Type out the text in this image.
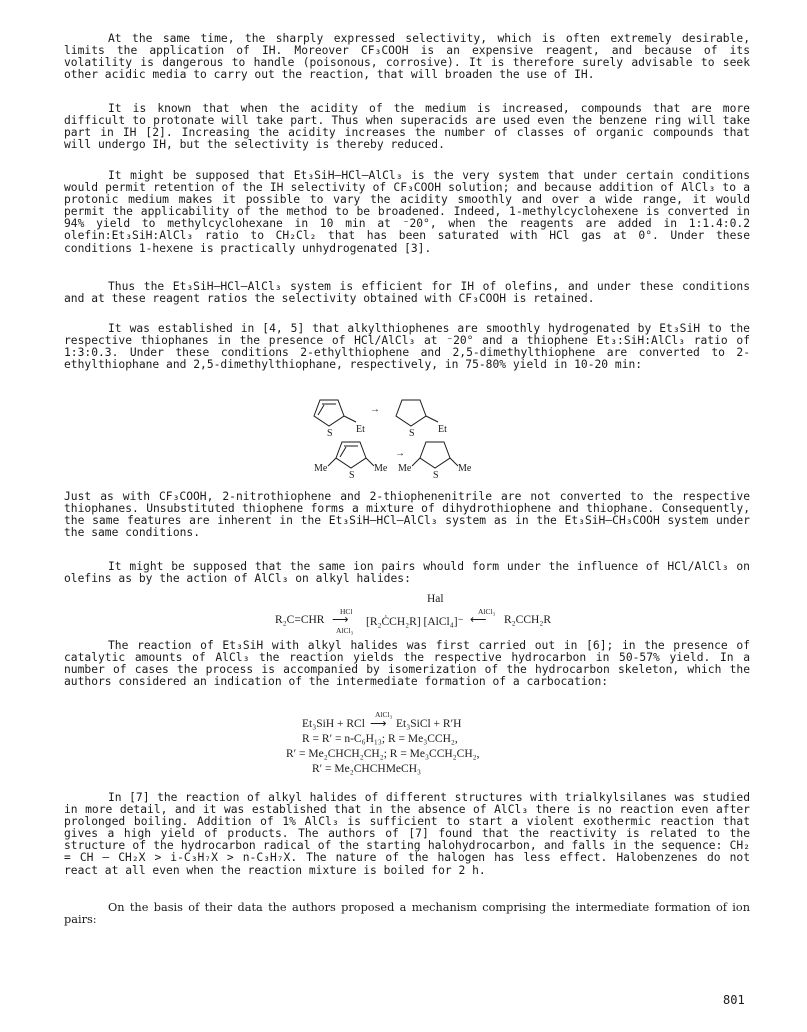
At the same time, the sharply expressed selectivity, which is often extremely desirable, limits the application of IH. Moreover CF₃COOH is an expensive reagent, and because of its volatility is dangerous to handle (poisonous, corrosive). It is therefore surely advisable to seek other acidic media to carry out the reaction, that will broaden the use of IH.

It is known that when the acidity of the medium is increased, compounds that are more difficult to protonate will take part. Thus when superacids are used even the benzene ring will take part in IH [2]. Increasing the acidity increases the number of classes of organic compounds that will undergo IH, but the selectivity is thereby reduced.

It might be supposed that Et₃SiH–HCl–AlCl₃ is the very system that under certain conditions would permit retention of the IH selectivity of CF₃COOH solution; and because addition of AlCl₃ to a protonic medium makes it possible to vary the acidity smoothly and over a wide range, it would permit the applicability of the method to be broadened. Indeed, 1-methylcyclohexene is converted in 94% yield to methylcyclohexane in 10 min at ⁻20°, when the reagents are added in 1:1.4:0.2 olefin:Et₃SiH:AlCl₃ ratio to CH₂Cl₂ that has been saturated with HCl gas at 0°. Under these conditions 1-hexene is practically unhydrogenated [3].

Thus the Et₃SiH–HCl–AlCl₃ system is efficient for IH of olefins, and under these conditions and at these reagent ratios the selectivity obtained with CF₃COOH is retained.

It was established in [4, 5] that alkylthiophenes are smoothly hydrogenated by Et₃SiH to the respective thiophanes in the presence of HCl/AlCl₃ at ⁻20° and a thiophene Et₃:SiH:AlCl₃ ratio of 1:3:0.3. Under these conditions 2-ethylthiophene and 2,5-dimethylthiophene are converted to 2-ethylthiophane and 2,5-dimethylthiophane, respectively, in 75-80% yield in 10-20 min:

S Et
→
S Et
Me
S
Me
→
Me
S
Me

Just as with CF₃COOH, 2-nitrothiophene and 2-thiophenenitrile are not converted to the respective thiophanes. Unsubstituted thiophene forms a mixture of dihydrothiophene and thiophane. Consequently, the same features are inherent in the Et₃SiH–HCl–AlCl₃ system as in the Et₃SiH–CH₃COOH system under the same conditions.

It might be supposed that the same ion pairs whould form under the influence of HCl/AlCl₃ on olefins as by the action of AlCl₃ on alkyl halides:

Hal
R₂C=CHR
HCl
⟶
AlCl₃
[R₂ĊCH₂R] [AlCl₄]⁻
AlCl₃
⟵ R₂CCH₂R

The reaction of Et₃SiH with alkyl halides was first carried out in [6]; in the presence of catalytic amounts of AlCl₃ the reaction yields the respective hydrocarbon in 50-57% yield. In a number of cases the process is accompanied by isomerization of the hydrocarbon skeleton, which the authors considered an indication of the intermediate formation of a carbocation:

AlCl₃
Et₃SiH + RCl ⟶ Et₃SiCl + R′H
R = R′ = n-C₆H₁₃; R = Me₃CCH₂,
R′ = Me₂CHCH₂CH₂; R = Me₃CCH₂CH₂,
R′ = Me₂CHCHMeCH₃

In [7] the reaction of alkyl halides of different structures with trialkylsilanes was studied in more detail, and it was established that in the absence of AlCl₃ there is no reaction even after prolonged boiling. Addition of 1% AlCl₃ is sufficient to start a violent exothermic reaction that gives a high yield of products. The authors of [7] found that the reactivity is related to the structure of the hydrocarbon radical of the starting halohydrocarbon, and falls in the sequence: CH₂ = CH — CH₂X > i-C₃H₇X > n-C₃H₇X. The nature of the halogen has less effect. Halobenzenes do not react at all even when the reaction mixture is boiled for 2 h.

On the basis of their data the authors proposed a mechanism comprising the intermediate formation of ion pairs:

801
